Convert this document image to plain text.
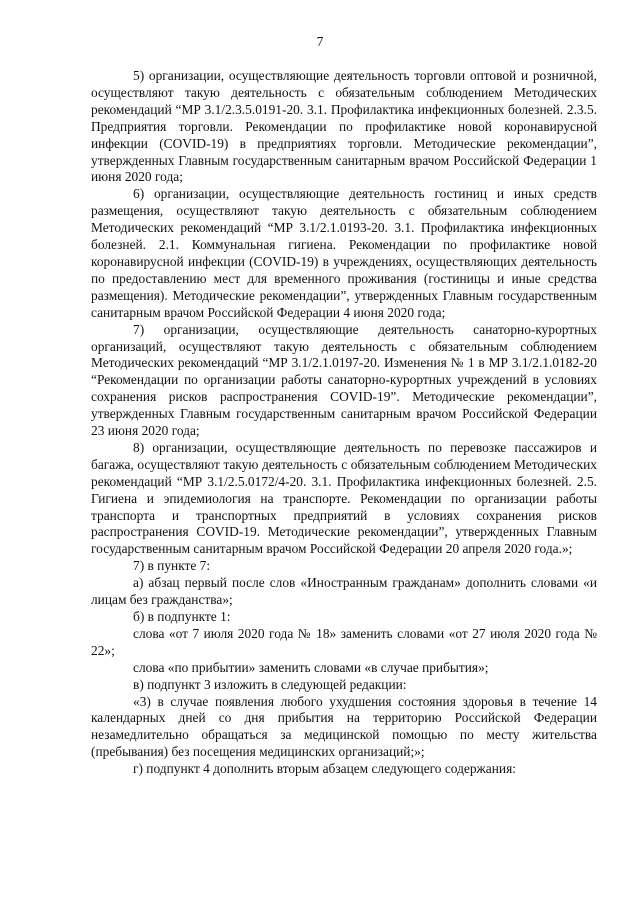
7

5) организации, осуществляющие деятельность торговли оптовой и розничной, осуществляют такую деятельность с обязательным соблюдением Методических рекомендаций “МР 3.1/2.3.5.0191-20. 3.1. Профилактика инфекционных болезней. 2.3.5. Предприятия торговли. Рекомендации по профилактике новой коронавирусной инфекции (COVID-19) в предприятиях торговли. Методические рекомендации”, утвержденных Главным государственным санитарным врачом Российской Федерации 1 июня 2020 года;

6) организации, осуществляющие деятельность гостиниц и иных средств размещения, осуществляют такую деятельность с обязательным соблюдением Методических рекомендаций “МР 3.1/2.1.0193-20. 3.1. Профилактика инфекционных болезней. 2.1. Коммунальная гигиена. Рекомендации по профилактике новой коронавирусной инфекции (COVID-19) в учреждениях, осуществляющих деятельность по предоставлению мест для временного проживания (гостиницы и иные средства размещения). Методические рекомендации”, утвержденных Главным государственным санитарным врачом Российской Федерации 4 июня 2020 года;

7) организации, осуществляющие деятельность санаторно-курортных организаций, осуществляют такую деятельность с обязательным соблюдением Методических рекомендаций “МР 3.1/2.1.0197-20. Изменения № 1 в МР 3.1/2.1.0182-20 “Рекомендации по организации работы санаторно-курортных учреждений в условиях сохранения рисков распространения COVID-19”. Методические рекомендации”, утвержденных Главным государственным санитарным врачом Российской Федерации 23 июня 2020 года;

8) организации, осуществляющие деятельность по перевозке пассажиров и багажа, осуществляют такую деятельность с обязательным соблюдением Методических рекомендаций “МР 3.1/2.5.0172/4-20. 3.1. Профилактика инфекционных болезней. 2.5. Гигиена и эпидемиология на транспорте. Рекомендации по организации работы транспорта и транспортных предприятий в условиях сохранения рисков распространения COVID-19. Методические рекомендации”, утвержденных Главным государственным санитарным врачом Российской Федерации 20 апреля 2020 года.»;

7) в пункте 7:

а) абзац первый после слов «Иностранным гражданам» дополнить словами «и лицам без гражданства»;

б) в подпункте 1:

слова «от 7 июля 2020 года № 18» заменить словами «от 27 июля 2020 года № 22»;

слова «по прибытии» заменить словами «в случае прибытия»;

в) подпункт 3 изложить в следующей редакции:

«3) в случае появления любого ухудшения состояния здоровья в течение 14 календарных дней со дня прибытия на территорию Российской Федерации незамедлительно обращаться за медицинской помощью по месту жительства (пребывания) без посещения медицинских организаций;»;

г) подпункт 4 дополнить вторым абзацем следующего содержания:
